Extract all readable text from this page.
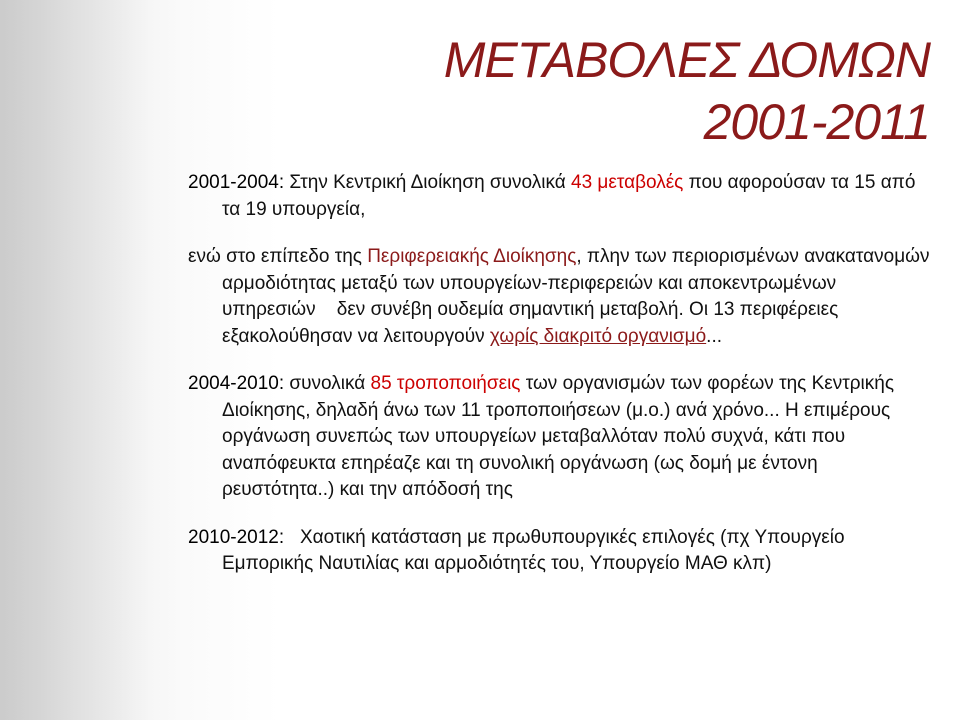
ΜΕΤΑΒΟΛΕΣ ΔΟΜΩΝ
2001-2011

2001-2004: Στην Κεντρική Διοίκηση συνολικά 43 μεταβολές που αφορούσαν τα 15 από τα 19 υπουργεία,

ενώ στο επίπεδο της Περιφερειακής Διοίκησης, πλην των περιορισμένων ανακατανομών αρμοδιότητας μεταξύ των υπουργείων-περιφερειών και αποκεντρωμένων υπηρεσιών    δεν συνέβη ουδεμία σημαντική μεταβολή. Οι 13 περιφέρειες εξακολούθησαν να λειτουργούν χωρίς διακριτό οργανισμό...

2004-2010: συνολικά 85 τροποποιήσεις των οργανισμών των φορέων της Κεντρικής Διοίκησης, δηλαδή άνω των 11 τροποποιήσεων (μ.ο.) ανά χρόνο... Η επιμέρους οργάνωση συνεπώς των υπουργείων μεταβαλλόταν πολύ συχνά, κάτι που αναπόφευκτα επηρέαζε και τη συνολική οργάνωση (ως δομή με έντονη ρευστότητα..) και την απόδοσή της

2010-2012:   Χαοτική κατάσταση με πρωθυπουργικές επιλογές (πχ Υπουργείο Εμπορικής Ναυτιλίας και αρμοδιότητές του, Υπουργείο ΜΑΘ κλπ)
